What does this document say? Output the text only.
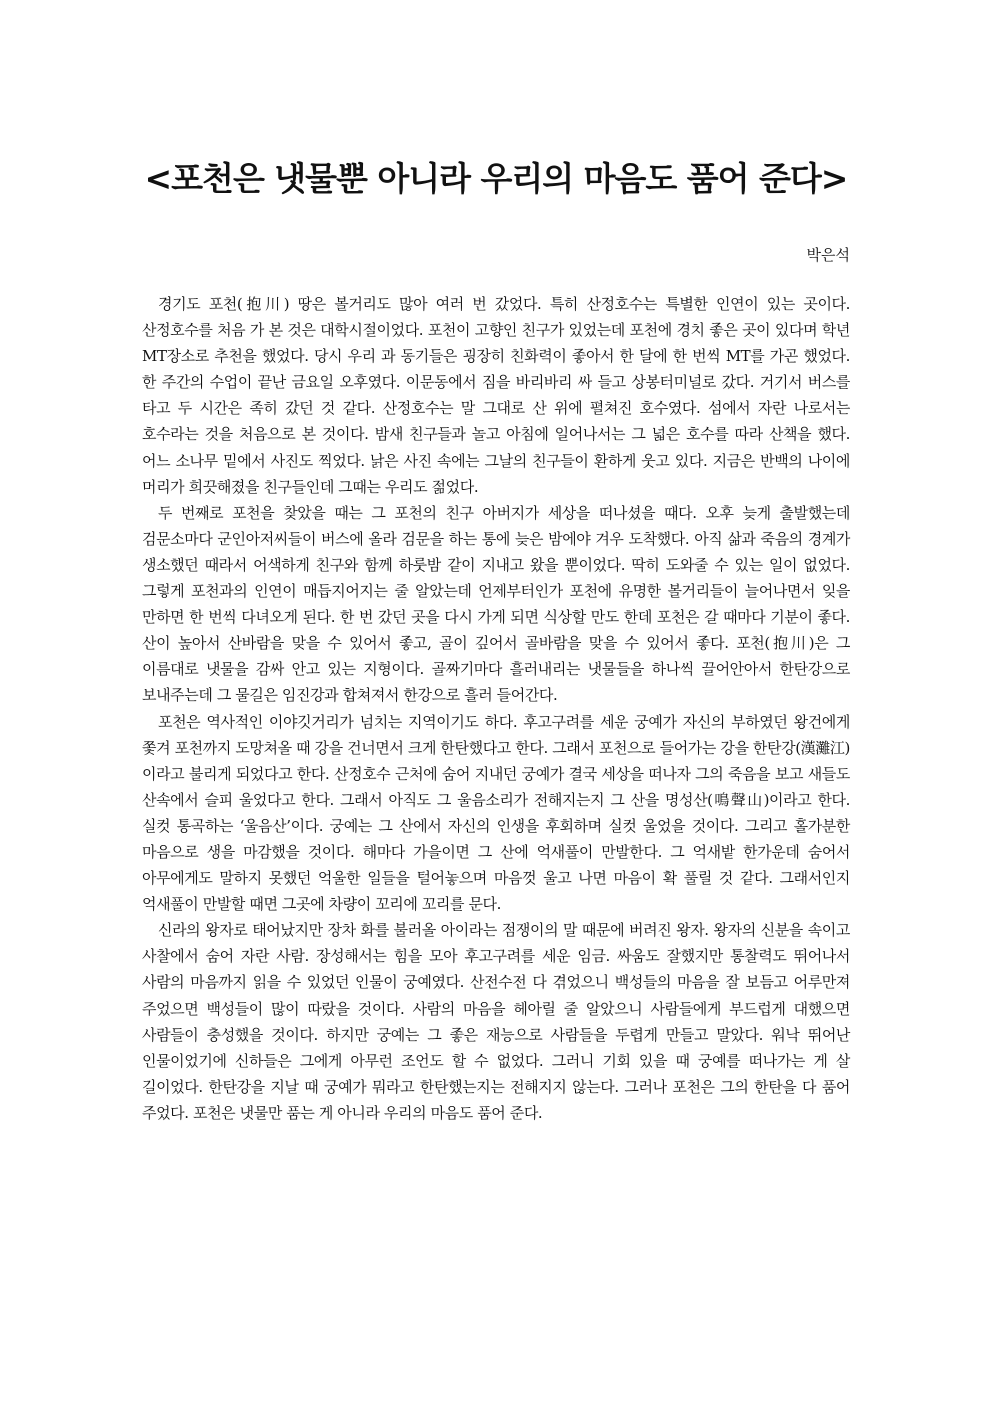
<포천은 냇물뿐 아니라 우리의 마음도 품어 준다>
박은석

경기도 포천(抱川) 땅은 볼거리도 많아 여러 번 갔었다. 특히 산정호수는 특별한 인연이 있는 곳이다. 산정호수를 처음 가 본 것은 대학시절이었다. 포천이 고향인 친구가 있었는데 포천에 경치 좋은 곳이 있다며 학년 MT장소로 추천을 했었다. 당시 우리 과 동기들은 굉장히 친화력이 좋아서 한 달에 한 번씩 MT를 가곤 했었다. 한 주간의 수업이 끝난 금요일 오후였다. 이문동에서 짐을 바리바리 싸 들고 상봉터미널로 갔다. 거기서 버스를 타고 두 시간은 족히 갔던 것 같다. 산정호수는 말 그대로 산 위에 펼쳐진 호수였다. 섬에서 자란 나로서는 호수라는 것을 처음으로 본 것이다. 밤새 친구들과 놀고 아침에 일어나서는 그 넓은 호수를 따라 산책을 했다. 어느 소나무 밑에서 사진도 찍었다. 낡은 사진 속에는 그날의 친구들이 환하게 웃고 있다. 지금은 반백의 나이에 머리가 희끗해졌을 친구들인데 그때는 우리도 젊었다.

두 번째로 포천을 찾았을 때는 그 포천의 친구 아버지가 세상을 떠나셨을 때다. 오후 늦게 출발했는데 검문소마다 군인아저씨들이 버스에 올라 검문을 하는 통에 늦은 밤에야 겨우 도착했다. 아직 삶과 죽음의 경계가 생소했던 때라서 어색하게 친구와 함께 하룻밤 같이 지내고 왔을 뿐이었다. 딱히 도와줄 수 있는 일이 없었다. 그렇게 포천과의 인연이 매듭지어지는 줄 알았는데 언제부터인가 포천에 유명한 볼거리들이 늘어나면서 잊을 만하면 한 번씩 다녀오게 된다. 한 번 갔던 곳을 다시 가게 되면 식상할 만도 한데 포천은 갈 때마다 기분이 좋다. 산이 높아서 산바람을 맞을 수 있어서 좋고, 골이 깊어서 골바람을 맞을 수 있어서 좋다. 포천(抱川)은 그 이름대로 냇물을 감싸 안고 있는 지형이다. 골짜기마다 흘러내리는 냇물들을 하나씩 끌어안아서 한탄강으로 보내주는데 그 물길은 임진강과 합쳐져서 한강으로 흘러 들어간다.

포천은 역사적인 이야깃거리가 넘치는 지역이기도 하다. 후고구려를 세운 궁예가 자신의 부하였던 왕건에게 쫓겨 포천까지 도망쳐올 때 강을 건너면서 크게 한탄했다고 한다. 그래서 포천으로 들어가는 강을 한탄강(漢灘江)이라고 불리게 되었다고 한다. 산정호수 근처에 숨어 지내던 궁예가 결국 세상을 떠나자 그의 죽음을 보고 새들도 산속에서 슬피 울었다고 한다. 그래서 아직도 그 울음소리가 전해지는지 그 산을 명성산(鳴聲山)이라고 한다. 실컷 통곡하는 ‘울음산’이다. 궁예는 그 산에서 자신의 인생을 후회하며 실컷 울었을 것이다. 그리고 홀가분한 마음으로 생을 마감했을 것이다. 해마다 가을이면 그 산에 억새풀이 만발한다. 그 억새밭 한가운데 숨어서 아무에게도 말하지 못했던 억울한 일들을 털어놓으며 마음껏 울고 나면 마음이 확 풀릴 것 같다. 그래서인지 억새풀이 만발할 때면 그곳에 차량이 꼬리에 꼬리를 문다.

신라의 왕자로 태어났지만 장차 화를 불러올 아이라는 점쟁이의 말 때문에 버려진 왕자. 왕자의 신분을 속이고 사찰에서 숨어 자란 사람. 장성해서는 힘을 모아 후고구려를 세운 임금. 싸움도 잘했지만 통찰력도 뛰어나서 사람의 마음까지 읽을 수 있었던 인물이 궁예였다. 산전수전 다 겪었으니 백성들의 마음을 잘 보듬고 어루만져 주었으면 백성들이 많이 따랐을 것이다. 사람의 마음을 헤아릴 줄 알았으니 사람들에게 부드럽게 대했으면 사람들이 충성했을 것이다. 하지만 궁예는 그 좋은 재능으로 사람들을 두렵게 만들고 말았다. 워낙 뛰어난 인물이었기에 신하들은 그에게 아무런 조언도 할 수 없었다. 그러니 기회 있을 때 궁예를 떠나가는 게 살 길이었다. 한탄강을 지날 때 궁예가 뭐라고 한탄했는지는 전해지지 않는다. 그러나 포천은 그의 한탄을 다 품어 주었다. 포천은 냇물만 품는 게 아니라 우리의 마음도 품어 준다.
